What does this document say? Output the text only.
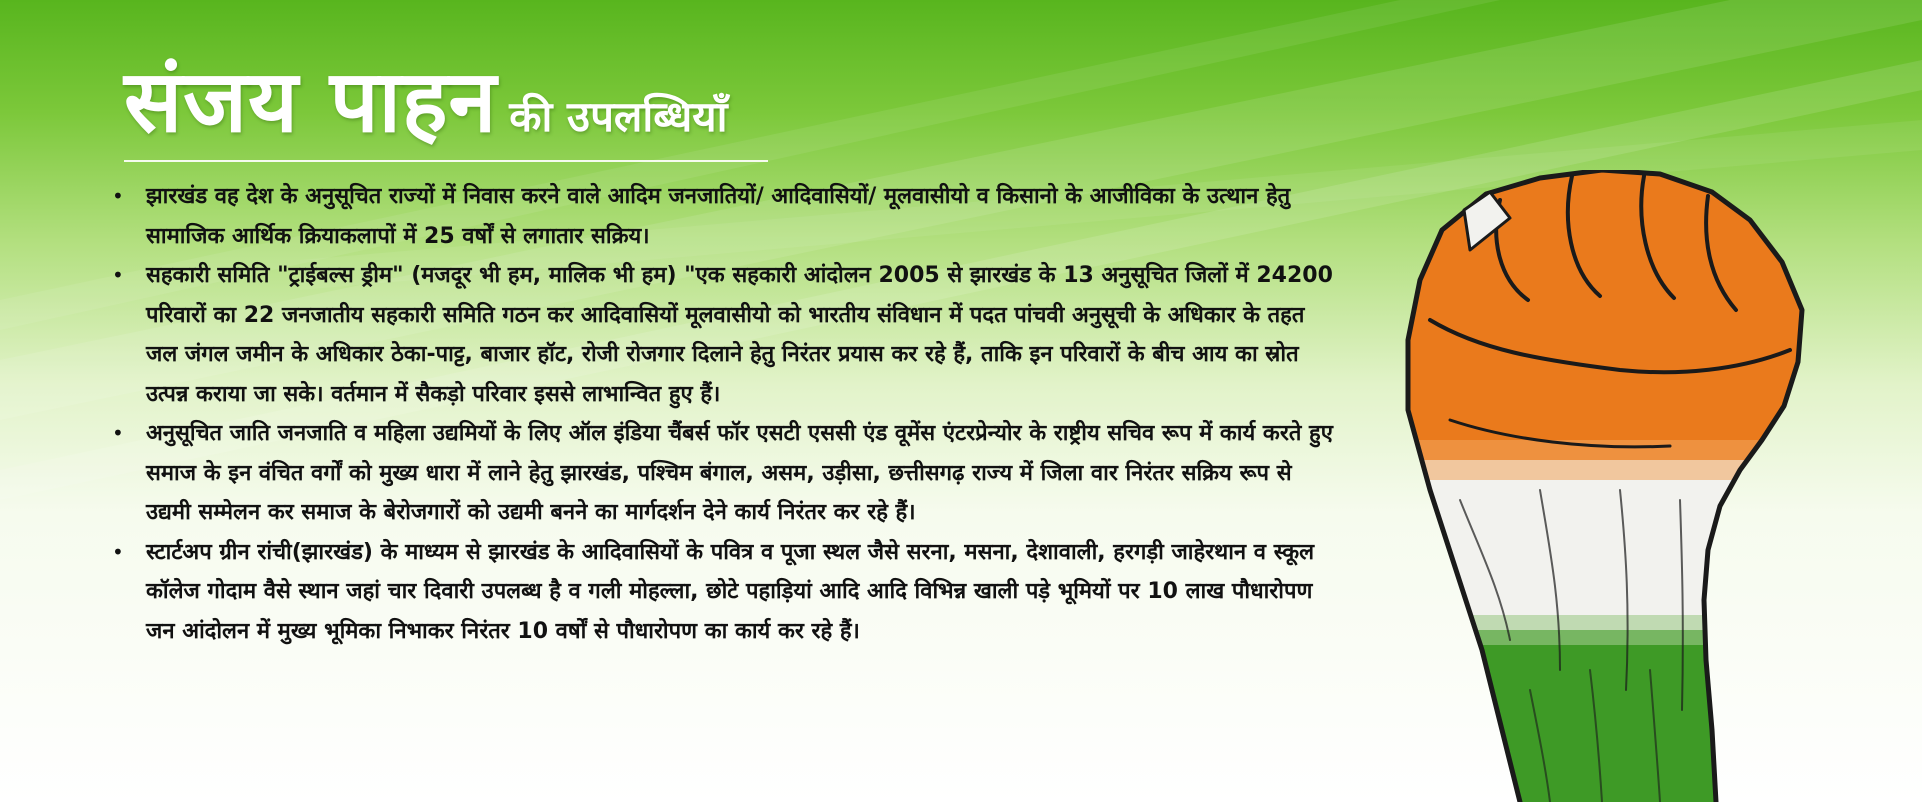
संजय पाहन की उपलब्धियाँ
• झारखंड वह देश के अनुसूचित राज्यों में निवास करने वाले आदिम जनजातियों/ आदिवासियों/ मूलवासीयो व किसानो के आजीविका के उत्थान हेतु सामाजिक आर्थिक क्रियाकलापों में 25 वर्षों से लगातार सक्रिय।
• सहकारी समिति "ट्राईबल्स ड्रीम" (मजदूर भी हम, मालिक भी हम) "एक सहकारी आंदोलन 2005 से झारखंड के 13 अनुसूचित जिलों में 24200 परिवारों का 22 जनजातीय सहकारी समिति गठन कर आदिवासियों मूलवासीयो को भारतीय संविधान में पदत पांचवी अनुसूची के अधिकार के तहत जल जंगल जमीन के अधिकार ठेका-पाट्ट, बाजार हॉट, रोजी रोजगार दिलाने हेतु निरंतर प्रयास कर रहे हैं, ताकि इन परिवारों के बीच आय का स्रोत उत्पन्न कराया जा सके। वर्तमान में सैकड़ो परिवार इससे लाभान्वित हुए हैं।
• अनुसूचित जाति जनजाति व महिला उद्यमियों के लिए ऑल इंडिया चैंबर्स फॉर एसटी एससी एंड वूमेंस एंटरप्रेन्योर के राष्ट्रीय सचिव रूप में कार्य करते हुए समाज के इन वंचित वर्गों को मुख्य धारा में लाने हेतु झारखंड, पश्चिम बंगाल, असम, उड़ीसा, छत्तीसगढ़ राज्य में जिला वार निरंतर सक्रिय रूप से उद्यमी सम्मेलन कर समाज के बेरोजगारों को उद्यमी बनने का मार्गदर्शन देने कार्य निरंतर कर रहे हैं।
• स्टार्टअप ग्रीन रांची(झारखंड) के माध्यम से झारखंड के आदिवासियों के पवित्र व पूजा स्थल जैसे सरना, मसना, देशावाली, हरगड़ी जाहेरथान व स्कूल कॉलेज गोदाम वैसे स्थान जहां चार दिवारी उपलब्ध है व गली मोहल्ला, छोटे पहाड़ियां आदि आदि विभिन्न खाली पड़े भूमियों पर 10 लाख पौधारोपण जन आंदोलन में मुख्य भूमिका निभाकर निरंतर 10 वर्षों से पौधारोपण का कार्य कर रहे हैं।
